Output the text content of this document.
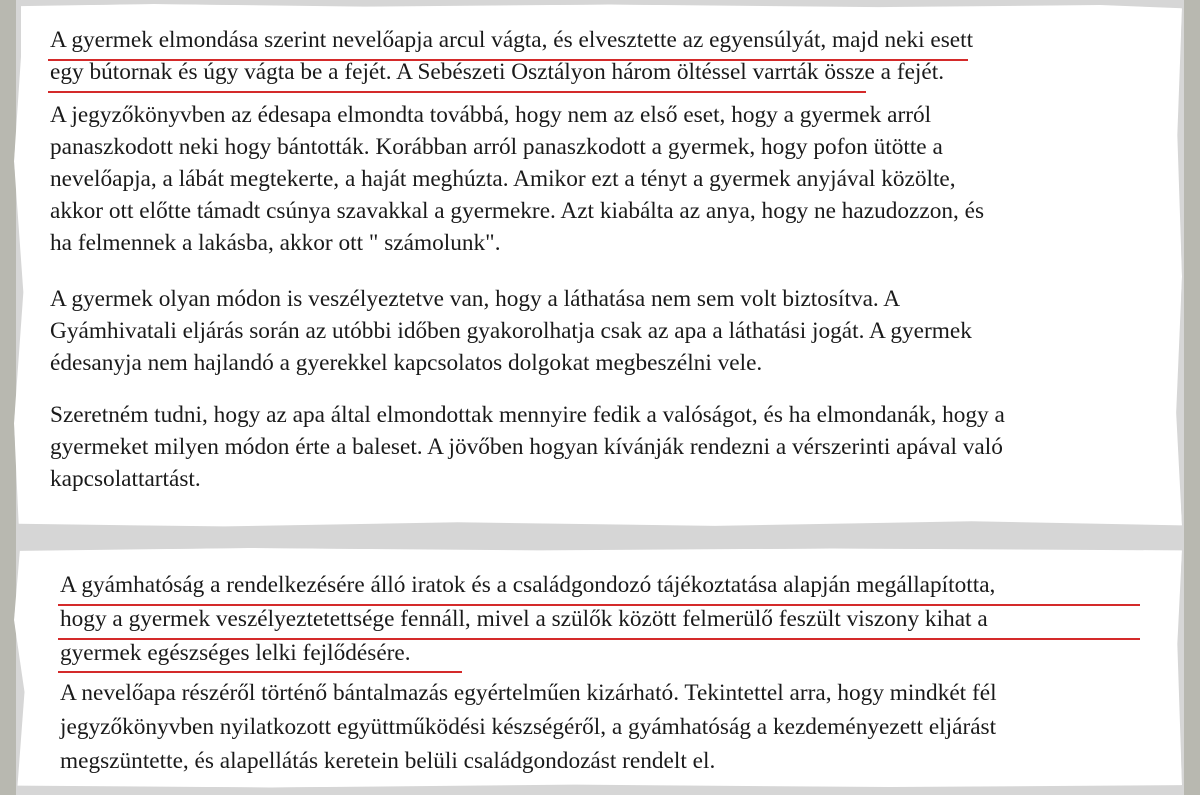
A gyermek elmondása szerint nevelőapja arcul vágta, és elvesztette az egyensúlyát, majd neki esett
egy bútornak és úgy vágta be a fejét. A Sebészeti Osztályon három öltéssel varrták össze a fejét.
A jegyzőkönyvben az édesapa elmondta továbbá, hogy nem az első eset, hogy a gyermek arról
panaszkodott neki hogy bántották. Korábban arról panaszkodott a gyermek, hogy pofon ütötte a
nevelőapja, a lábát megtekerte, a haját meghúzta. Amikor ezt a tényt a gyermek anyjával közölte,
akkor ott előtte támadt csúnya szavakkal a gyermekre. Azt kiabálta az anya, hogy ne hazudozzon, és
ha felmennek a lakásba, akkor ott " számolunk".
A gyermek olyan módon is veszélyeztetve van, hogy a láthatása nem sem volt biztosítva. A
Gyámhivatali eljárás során az utóbbi időben gyakorolhatja csak az apa a láthatási jogát. A gyermek
édesanyja nem hajlandó a gyerekkel kapcsolatos dolgokat megbeszélni vele.
Szeretném tudni, hogy az apa által elmondottak mennyire fedik a valóságot, és ha elmondanák, hogy a
gyermeket milyen módon érte a baleset. A jövőben hogyan kívánják rendezni a vérszerinti apával való
kapcsolattartást.
A gyámhatóság a rendelkezésére álló iratok és a családgondozó tájékoztatása alapján megállapította,
hogy a gyermek veszélyeztetettsége fennáll, mivel a szülők között felmerülő feszült viszony kihat a
gyermek egészséges lelki fejlődésére.
A nevelőapa részéről történő bántalmazás egyértelműen kizárható. Tekintettel arra, hogy mindkét fél
jegyzőkönyvben nyilatkozott együttműködési készségéről, a gyámhatóság a kezdeményezett eljárást
megszüntette, és alapellátás keretein belüli családgondozást rendelt el.
